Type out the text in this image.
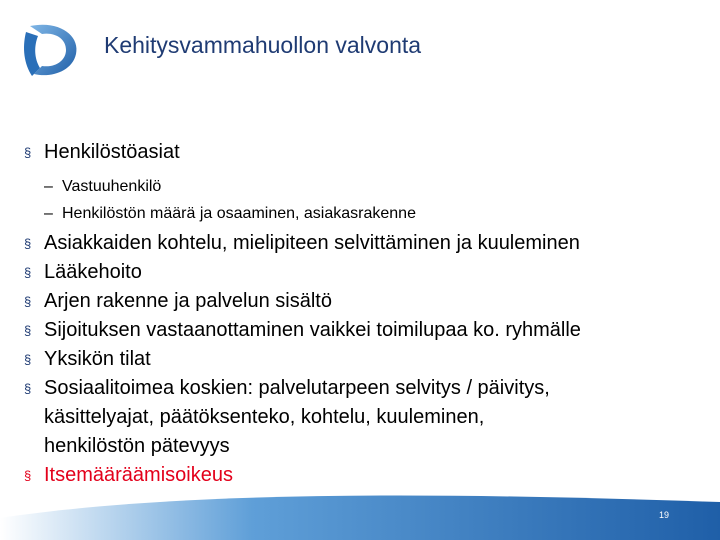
Kehitysvammahuollon valvonta
§ Henkilöstöasiat
– Vastuuhenkilö
– Henkilöstön määrä ja osaaminen, asiakasrakenne
§ Asiakkaiden kohtelu, mielipiteen selvittäminen ja kuuleminen
§ Lääkehoito
§ Arjen rakenne ja palvelun sisältö
§ Sijoituksen vastaanottaminen vaikkei toimilupaa ko. ryhmälle
§ Yksikön tilat
§ Sosiaalitoimea koskien: palvelutarpeen selvitys / päivitys,
käsittelyajat, päätöksenteko, kohtelu, kuuleminen,
henkilöstön pätevyys
§ Itsemääräämisoikeus
19
